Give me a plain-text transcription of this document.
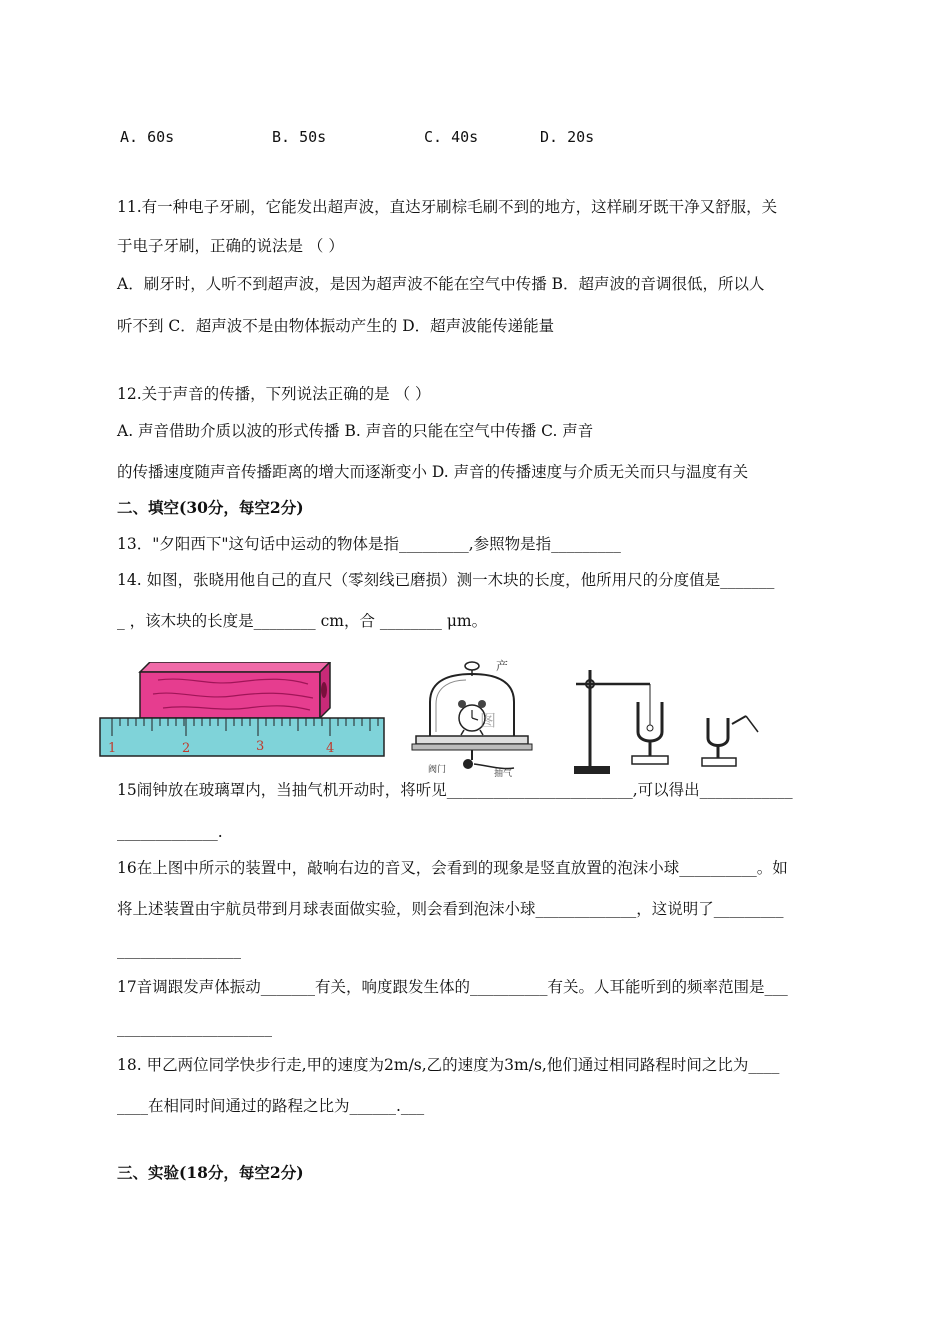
A. 60s	B. 50s	C. 40s	D. 20s
11.有一种电子牙刷，它能发出超声波，直达牙刷棕毛刷不到的地方，这样刷牙既干净又舒服，关
于电子牙刷，正确的说法是 （ ）
A．刷牙时，人听不到超声波，是因为超声波不能在空气中传播 B．超声波的音调很低，所以人
听不到 C．超声波不是由物体振动产生的 D．超声波能传递能量
12.关于声音的传播，下列说法正确的是 （ ）
A. 声音借助介质以波的形式传播 B. 声音的只能在空气中传播 C. 声音
的传播速度随声音传播距离的增大而逐渐变小 D. 声音的传播速度与介质无关而只与温度有关
二、填空(30分，每空2分)
13．"夕阳西下"这句话中运动的物体是指_________,参照物是指_________
14. 如图，张晓用他自己的直尺（零刻线已磨损）测一木块的长度，他所用尺的分度值是_______
_ ，该木块的长度是________ cm，合 ________ μm。
1	2	3	4
产
图
阀门	抽气
15闹钟放在玻璃罩内，当抽气机开动时，将听见________________________,可以得出____________
_____________.
16在上图中所示的装置中，敲响右边的音叉，会看到的现象是竖直放置的泡沫小球__________。如
将上述装置由宇航员带到月球表面做实验，则会看到泡沫小球_____________，这说明了_________
________________
17音调跟发声体振动_______有关，响度跟发生体的__________有关。人耳能听到的频率范围是___
____________________
18. 甲乙两位同学快步行走,甲的速度为2m/s,乙的速度为3m/s,他们通过相同路程时间之比为____
____在相同时间通过的路程之比为______.___
三、实验(18分，每空2分)
